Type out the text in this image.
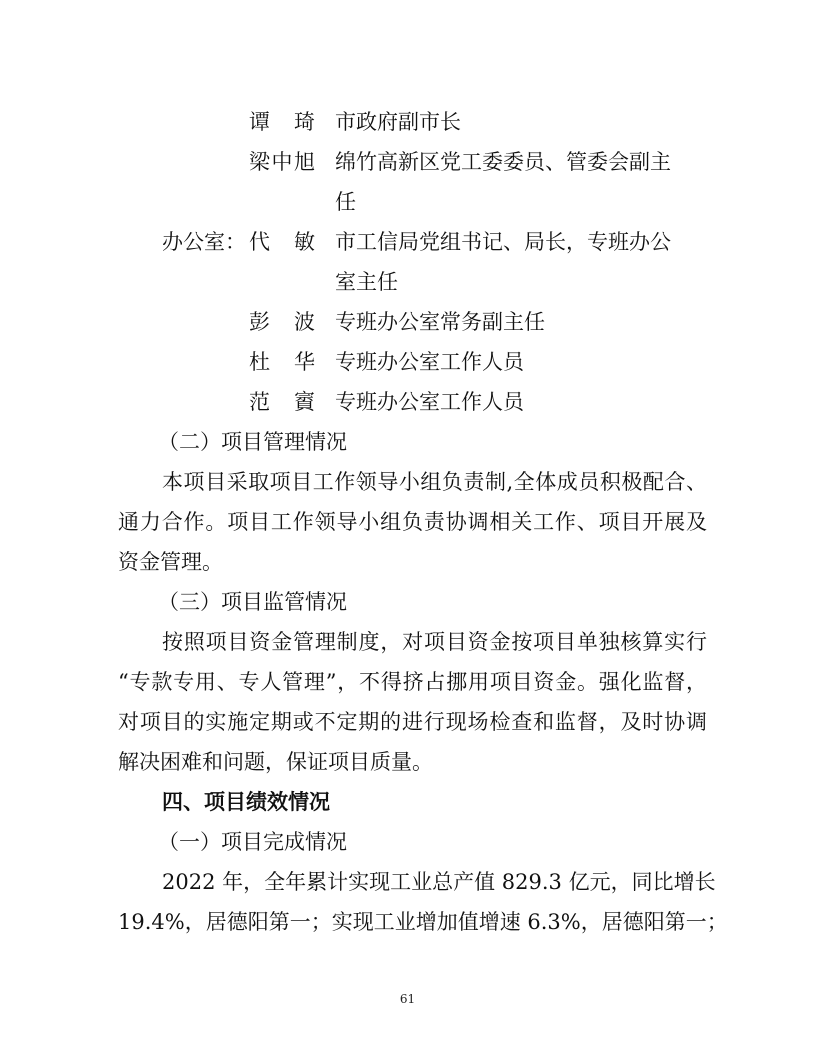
谭　琦 市政府副市长
梁中旭 绵竹高新区党工委委员、管委会副主
任
办公室： 代　敏 市工信局党组书记、局长，专班办公
室主任
彭　波 专班办公室常务副主任
杜　华 专班办公室工作人员
范　賨 专班办公室工作人员
（二）项目管理情况
本项目采取项目工作领导小组负责制,全体成员积极配合、
通力合作。项目工作领导小组负责协调相关工作、项目开展及
资金管理。
（三）项目监管情况
按照项目资金管理制度，对项目资金按项目单独核算实行
“专款专用、专人管理”，不得挤占挪用项目资金。强化监督，
对项目的实施定期或不定期的进行现场检查和监督，及时协调
解决困难和问题，保证项目质量。
四、项目绩效情况
（一）项目完成情况
2022 年，全年累计实现工业总产值 829.3 亿元，同比增长
19.4%，居德阳第一；实现工业增加值增速 6.3%，居德阳第一；
61
